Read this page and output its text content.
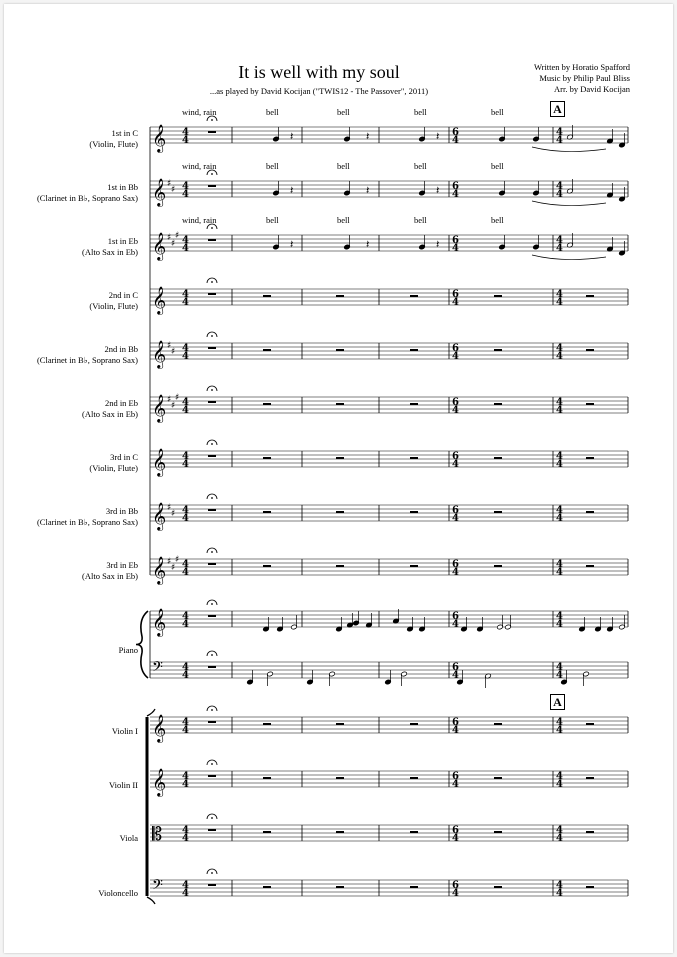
𝄞 4
4
6
4
4
4
𝄞 ♯
♯ 4
4
6
4
4
4
𝄞 ♯
♯
♯ 4
4
6
4
4
4
𝄞 4
4
6
4
4
4
𝄞 ♯
♯ 4
4
6
4
4
4
𝄞 ♯
♯
♯ 4
4
6
4
4
4
𝄞 4
4
6
4
4
4
𝄞 ♯
♯ 4
4
6
4
4
4
𝄞 ♯
♯
♯ 4
4
6
4
4
4
𝄞 4
4
6
4
4
4
𝄢 4
4
6
4
4
4
𝄞 4
4
6
4
4
4
𝄞 4
4
6
4
4
4
𝄡 4
4
6
4
4
4
𝄢 4
4
6
4
4
4
𝄽	𝄽	𝄽
𝄽	𝄽	𝄽
𝄽	𝄽	𝄽
It is well with my soul
...as played by David Kocijan ("TWIS12 - The Passover", 2011)
Written by Horatio Spafford
Music by Philip Paul Bliss
Arr. by David Kocijan
A
A
wind, rain	bell	bell	bell	bell
wind, rain	bell	bell	bell	bell
wind, rain	bell	bell	bell	bell
1st in C
(Violin, Flute)
1st in Bb
(Clarinet in B♭, Soprano Sax)
1st in Eb
(Alto Sax in Eb)
2nd in C
(Violin, Flute)
2nd in Bb
(Clarinet in B♭, Soprano Sax)
2nd in Eb
(Alto Sax in Eb)
3rd in C
(Violin, Flute)
3rd in Bb
(Clarinet in B♭, Soprano Sax)
3rd in Eb
(Alto Sax in Eb)
Piano
Violin I
Violin II
Viola
Violoncello
